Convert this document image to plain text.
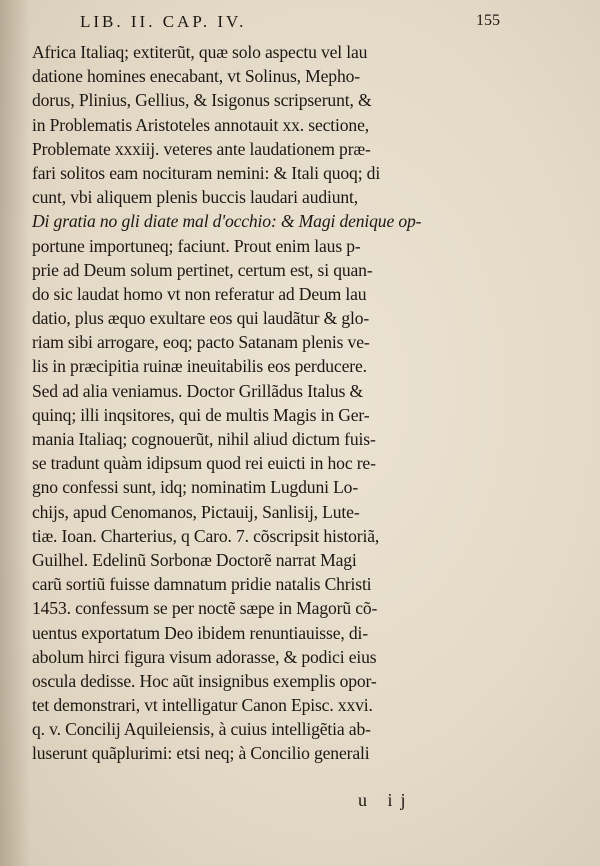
LIB. II. CAP. IV.	155
Africa Italiaq; extiterũt, quæ solo aspectu vel lau
datione homines enecabant, vt Solinus, Mepho-
dorus, Plinius, Gellius, & Isigonus scripserunt, &
in Problematis Aristoteles annotauit xx. sectione,
Problemate xxxiij. veteres ante laudationem præ-
fari solitos eam nocituram nemini: & Itali quoq; di
cunt, vbi aliquem plenis buccis laudari audiunt,
Di gratia no gli diate mal d'occhio: & Magi denique op-
portune importuneq; faciunt. Prout enim laus p-
prie ad Deum solum pertinet, certum est, si quan-
do sic laudat homo vt non referatur ad Deum lau
datio, plus æquo exultare eos qui laudãtur & glo-
riam sibi arrogare, eoq; pacto Satanam plenis ve-
lis in præcipitia ruinæ ineuitabilis eos perducere.
Sed ad alia veniamus. Doctor Grillãdus Italus &
quinq; illi inqsitores, qui de multis Magis in Ger-
mania Italiaq; cognouerũt, nihil aliud dictum fuis-
se tradunt quàm idipsum quod rei euicti in hoc re-
gno confessi sunt, idq; nominatim Lugduni Lo-
chijs, apud Cenomanos, Pictauij, Sanlisij, Lute-
tiæ. Ioan. Charterius, q Caro. 7. cõscripsit historiã,
Guilhel. Edelinũ Sorbonæ Doctorẽ narrat Magi
carũ sortiũ fuisse damnatum pridie natalis Christi
1453. confessum se per noctẽ sæpe in Magorũ cõ-
uentus exportatum Deo ibidem renuntiauisse, di-
abolum hirci figura visum adorasse, & podici eius
oscula dedisse. Hoc aũt insignibus exemplis opor-
tet demonstrari, vt intelligatur Canon Episc. xxvi.
q. v. Concilij Aquileiensis, à cuius intelligẽtia ab-
luserunt quãplurimi: etsi neq; à Concilio generali
u ij
